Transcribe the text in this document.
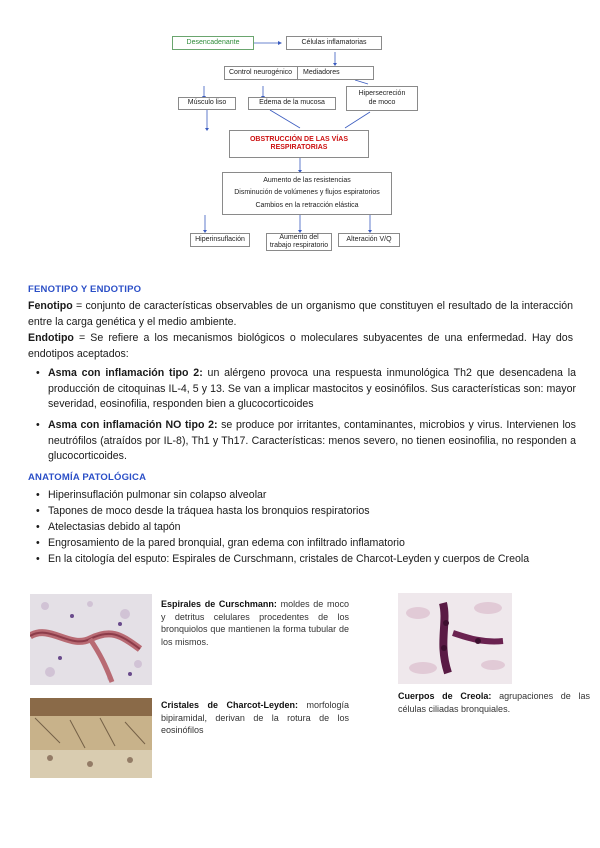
Desencadenante	Células inflamatorias
Control neurogénico Mediadores
Músculo liso	Edema de la mucosa
Hipersecreción de moco
OBSTRUCCIÓN DE LAS VÍAS
RESPIRATORIAS
Aumento de las resistencias
Disminución de volúmenes y flujos espiratorios
Cambios en la retracción elástica
Hiperinsuflación	Aumento del
trabajo respiratorio
Alteración V/Q
FENOTIPO Y ENDOTIPO
Fenotipo = conjunto de características observables de un organismo que constituyen el resultado de la interacción entre la carga genética y el medio ambiente.
Endotipo = Se refiere a los mecanismos biológicos o moleculares subyacentes de una enfermedad. Hay dos endotipos aceptados:
• Asma con inflamación tipo 2: un alérgeno provoca una respuesta inmunológica Th2 que desencadena la producción de citoquinas IL-4, 5 y 13. Se van a implicar mastocitos y eosinófilos. Sus características son: mayor severidad, eosinofilia, responden bien a glucocorticoides
• Asma con inflamación NO tipo 2: se produce por irritantes, contaminantes, microbios y virus. Intervienen los neutrófilos (atraídos por IL-8), Th1 y Th17. Características: menos severo, no tienen eosinofilia, no responden a glucocorticoides.
ANATOMÍA PATOLÓGICA
• Hiperinsuflación pulmonar sin colapso alveolar
• Tapones de moco desde la tráquea hasta los bronquios respiratorios
• Atelectasias debido al tapón
• Engrosamiento de la pared bronquial, gran edema con infiltrado inflamatorio
• En la citología del esputo: Espirales de Curschmann, cristales de Charcot-Leyden y cuerpos de Creola
Espirales de Curschmann: moldes de moco y detritus celulares procedentes de los bronquiolos que mantienen la forma tubular de los mismos.
Cristales de Charcot-Leyden: morfología bipiramidal, derivan de la rotura de los eosinófilos
Cuerpos de Creola: agrupaciones de las células ciliadas bronquiales.
